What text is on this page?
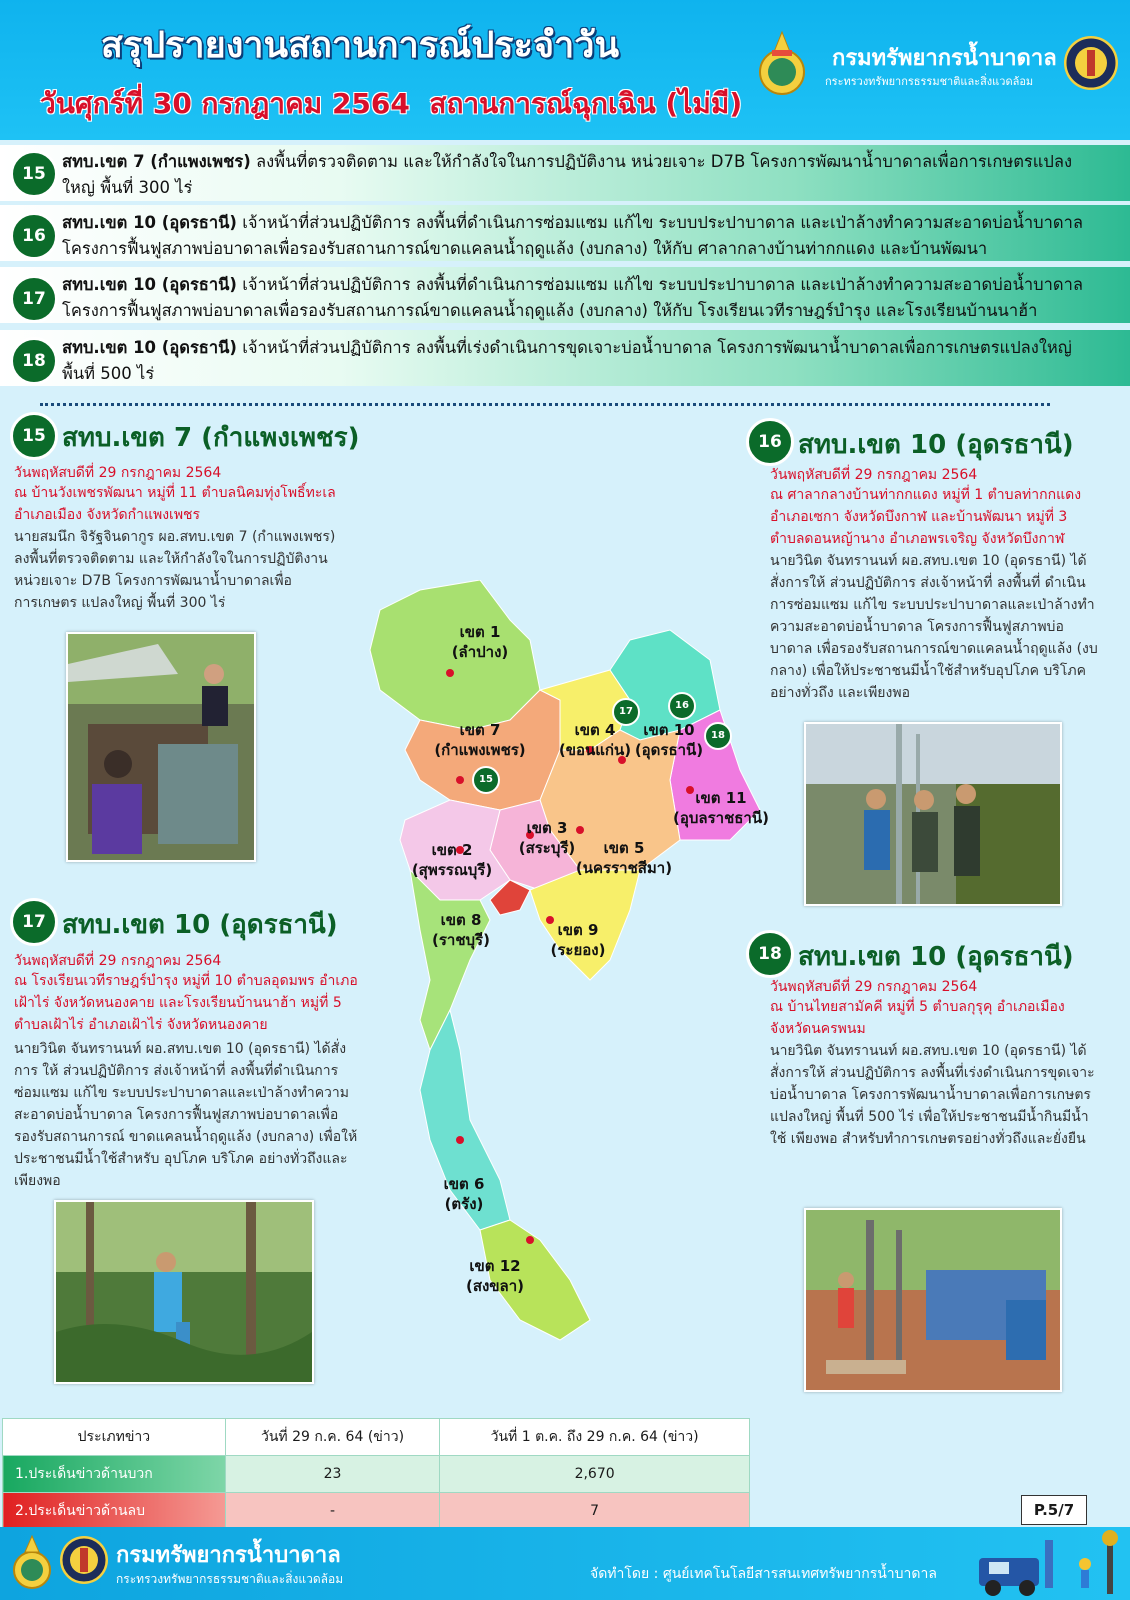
สรุปรายงานสถานการณ์ประจำวัน
วันศุกร์ที่ 30 กรกฎาคม 2564 สถานการณ์ฉุกเฉิน (ไม่มี)
กรมทรัพยากรน้ำบาดาล
กระทรวงทรัพยากรธรรมชาติและสิ่งแวดล้อม
15
สทบ.เขต 7 (กำแพงเพชร) ลงพื้นที่ตรวจติดตาม และให้กำลังใจในการปฏิบัติงาน หน่วยเจาะ D7B โครงการพัฒนาน้ำบาดาลเพื่อการเกษตรแปลงใหญ่ พื้นที่ 300 ไร่
16
สทบ.เขต 10 (อุดรธานี) เจ้าหน้าที่ส่วนปฏิบัติการ ลงพื้นที่ดำเนินการซ่อมแซม แก้ไข ระบบประปาบาดาล และเป่าล้างทำความสะอาดบ่อน้ำบาดาล โครงการฟื้นฟูสภาพบ่อบาดาลเพื่อรองรับสถานการณ์ขาดแคลนน้ำฤดูแล้ง (งบกลาง) ให้กับ ศาลากลางบ้านท่ากกแดง และบ้านพัฒนา
17
สทบ.เขต 10 (อุดรธานี) เจ้าหน้าที่ส่วนปฏิบัติการ ลงพื้นที่ดำเนินการซ่อมแซม แก้ไข ระบบประปาบาดาล และเป่าล้างทำความสะอาดบ่อน้ำบาดาล โครงการฟื้นฟูสภาพบ่อบาดาลเพื่อรองรับสถานการณ์ขาดแคลนน้ำฤดูแล้ง (งบกลาง) ให้กับ โรงเรียนเวทีราษฎร์บำรุง และโรงเรียนบ้านนาฮ้า
18
สทบ.เขต 10 (อุดรธานี) เจ้าหน้าที่ส่วนปฏิบัติการ ลงพื้นที่เร่งดำเนินการขุดเจาะบ่อน้ำบาดาล โครงการพัฒนาน้ำบาดาลเพื่อการเกษตรแปลงใหญ่ พื้นที่ 500 ไร่
15 สทบ.เขต 7 (กำแพงเพชร)
วันพฤหัสบดีที่ 29 กรกฎาคม 2564
ณ บ้านวังเพชรพัฒนา หมู่ที่ 11 ตำบลนิคมทุ่งโพธิ์ทะเล อำเภอเมือง จังหวัดกำแพงเพชร
นายสมนึก จิรัฐจินดากูร ผอ.สทบ.เขต 7 (กำแพงเพชร) ลงพื้นที่ตรวจติดตาม และให้กำลังใจในการปฏิบัติงาน หน่วยเจาะ D7B โครงการพัฒนาน้ำบาดาลเพื่อการเกษตร แปลงใหญ่ พื้นที่ 300 ไร่
16 สทบ.เขต 10 (อุดรธานี)
วันพฤหัสบดีที่ 29 กรกฎาคม 2564
ณ ศาลากลางบ้านท่ากกแดง หมู่ที่ 1 ตำบลท่ากกแดง อำเภอเซกา จังหวัดบึงกาฬ และบ้านพัฒนา หมู่ที่ 3 ตำบลดอนหญ้านาง อำเภอพรเจริญ จังหวัดบึงกาฬ
นายวินิต จันทรานนท์ ผอ.สทบ.เขต 10 (อุดรธานี) ได้สั่งการให้ ส่วนปฏิบัติการ ส่งเจ้าหน้าที่ ลงพื้นที่ ดำเนินการซ่อมแซม แก้ไข ระบบประปาบาดาลและเป่าล้างทำ ความสะอาดบ่อน้ำบาดาล โครงการฟื้นฟูสภาพบ่อบาดาล เพื่อรองรับสถานการณ์ขาดแคลนน้ำฤดูแล้ง (งบกลาง) เพื่อให้ประชาชนมีน้ำใช้สำหรับอุปโภค บริโภค อย่างทั่วถึง และเพียงพอ
เขต 1
(ลำปาง)
เขต 7
(กำแพงเพชร)
เขต 4
(ขอนแก่น)
เขต 10
(อุดรธานี)
เขต 11
(อุบลราชธานี)
เขต 3
(สระบุรี)	เขต 5
(นครราชสีมา)
เขต 2
(สุพรรณบุรี)
เขต 8
(ราชบุรี)
เขต 9
(ระยอง)
เขต 6
(ตรัง)
เขต 12
(สงขลา)
15
16
17
18
17 สทบ.เขต 10 (อุดรธานี)
วันพฤหัสบดีที่ 29 กรกฎาคม 2564
ณ โรงเรียนเวทีราษฎร์บำรุง หมู่ที่ 10 ตำบลอุดมพร อำเภอเฝ้าไร่ จังหวัดหนองคาย และโรงเรียนบ้านนาฮ้า หมู่ที่ 5 ตำบลเฝ้าไร่ อำเภอเฝ้าไร่ จังหวัดหนองคาย
นายวินิต จันทรานนท์ ผอ.สทบ.เขต 10 (อุดรธานี) ได้สั่งการ ให้ ส่วนปฏิบัติการ ส่งเจ้าหน้าที่ ลงพื้นที่ดำเนินการซ่อมแซม แก้ไข ระบบประปาบาดาลและเป่าล้างทำความสะอาดบ่อน้ำบาดาล โครงการฟื้นฟูสภาพบ่อบาดาลเพื่อรองรับสถานการณ์ ขาดแคลนน้ำฤดูแล้ง (งบกลาง) เพื่อให้ประชาชนมีน้ำใช้สำหรับ อุปโภค บริโภค อย่างทั่วถึงและเพียงพอ
18 สทบ.เขต 10 (อุดรธานี)
วันพฤหัสบดีที่ 29 กรกฎาคม 2564
ณ บ้านไทยสามัคคี หมู่ที่ 5 ตำบลกุรุคุ อำเภอเมือง จังหวัดนครพนม
นายวินิต จันทรานนท์ ผอ.สทบ.เขต 10 (อุดรธานี) ได้สั่งการให้ ส่วนปฏิบัติการ ลงพื้นที่เร่งดำเนินการขุดเจาะ บ่อน้ำบาดาล โครงการพัฒนาน้ำบาดาลเพื่อการเกษตร แปลงใหญ่ พื้นที่ 500 ไร่ เพื่อให้ประชาชนมีน้ำกินมีน้ำใช้ เพียงพอ สำหรับทำการเกษตรอย่างทั่วถึงและยั่งยืน
ประเภทข่าว	วันที่ 29 ก.ค. 64 (ข่าว)	วันที่ 1 ต.ค. ถึง 29 ก.ค. 64 (ข่าว)
1.ประเด็นข่าวด้านบวก	23	2,670
2.ประเด็นข่าวด้านลบ	-	7	P.5/7
กรมทรัพยากรน้ำบาดาล
กระทรวงทรัพยากรธรรมชาติและสิ่งแวดล้อม	จัดทำโดย : ศูนย์เทคโนโลยีสารสนเทศทรัพยากรน้ำบาดาล
